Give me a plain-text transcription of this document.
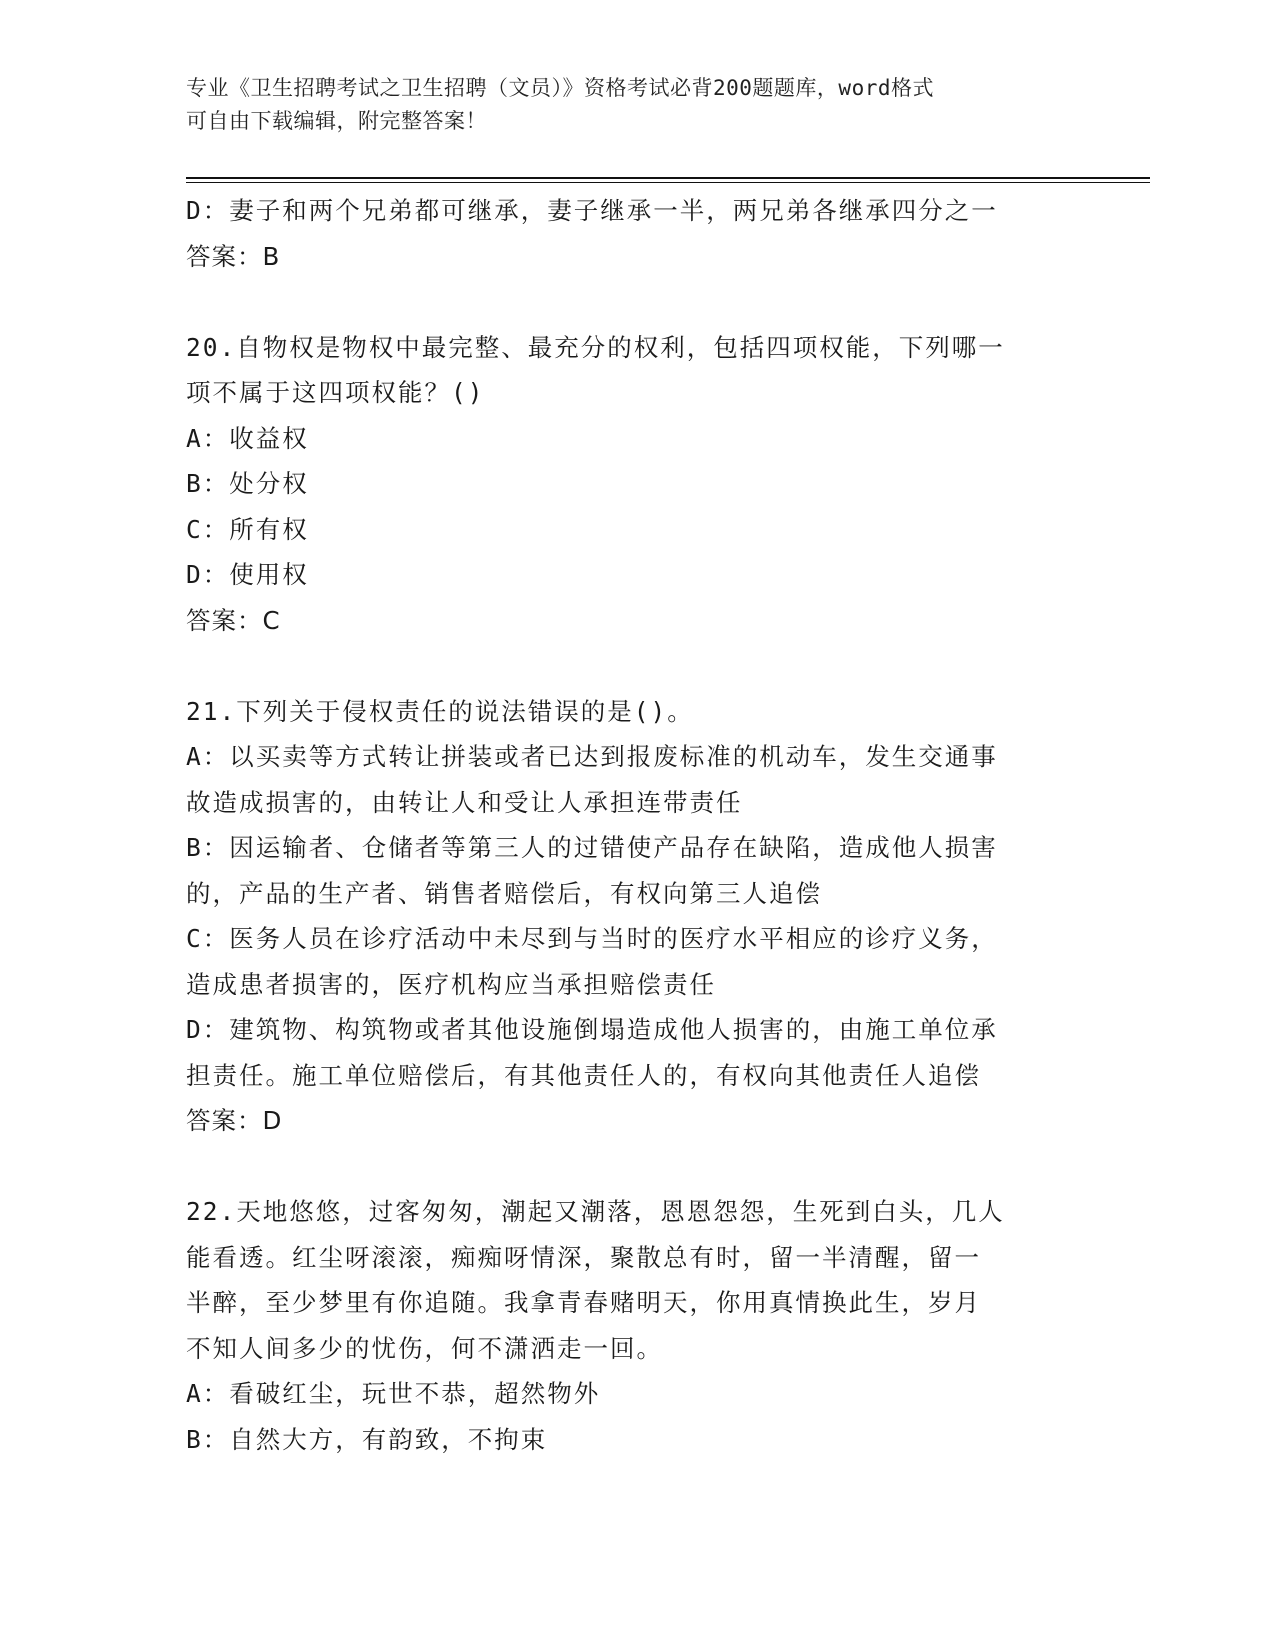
专业《卫生招聘考试之卫生招聘（文员）》资格考试必背200题题库，word格式
可自由下载编辑，附完整答案！
D：妻子和两个兄弟都可继承，妻子继承一半，两兄弟各继承四分之一
答案：B
20.自物权是物权中最完整、最充分的权利，包括四项权能，下列哪一
项不属于这四项权能？()
A：收益权
B：处分权
C：所有权
D：使用权
答案：C
21.下列关于侵权责任的说法错误的是()。
A：以买卖等方式转让拼装或者已达到报废标准的机动车，发生交通事
故造成损害的，由转让人和受让人承担连带责任
B：因运输者、仓储者等第三人的过错使产品存在缺陷，造成他人损害
的，产品的生产者、销售者赔偿后，有权向第三人追偿
C：医务人员在诊疗活动中未尽到与当时的医疗水平相应的诊疗义务，
造成患者损害的，医疗机构应当承担赔偿责任
D：建筑物、构筑物或者其他设施倒塌造成他人损害的，由施工单位承
担责任。施工单位赔偿后，有其他责任人的，有权向其他责任人追偿
答案：D
22.天地悠悠，过客匆匆，潮起又潮落，恩恩怨怨，生死到白头，几人
能看透。红尘呀滚滚，痴痴呀情深，聚散总有时，留一半清醒，留一
半醉，至少梦里有你追随。我拿青春赌明天，你用真情换此生，岁月
不知人间多少的忧伤，何不潇洒走一回。
A：看破红尘，玩世不恭，超然物外
B：自然大方，有韵致，不拘束
